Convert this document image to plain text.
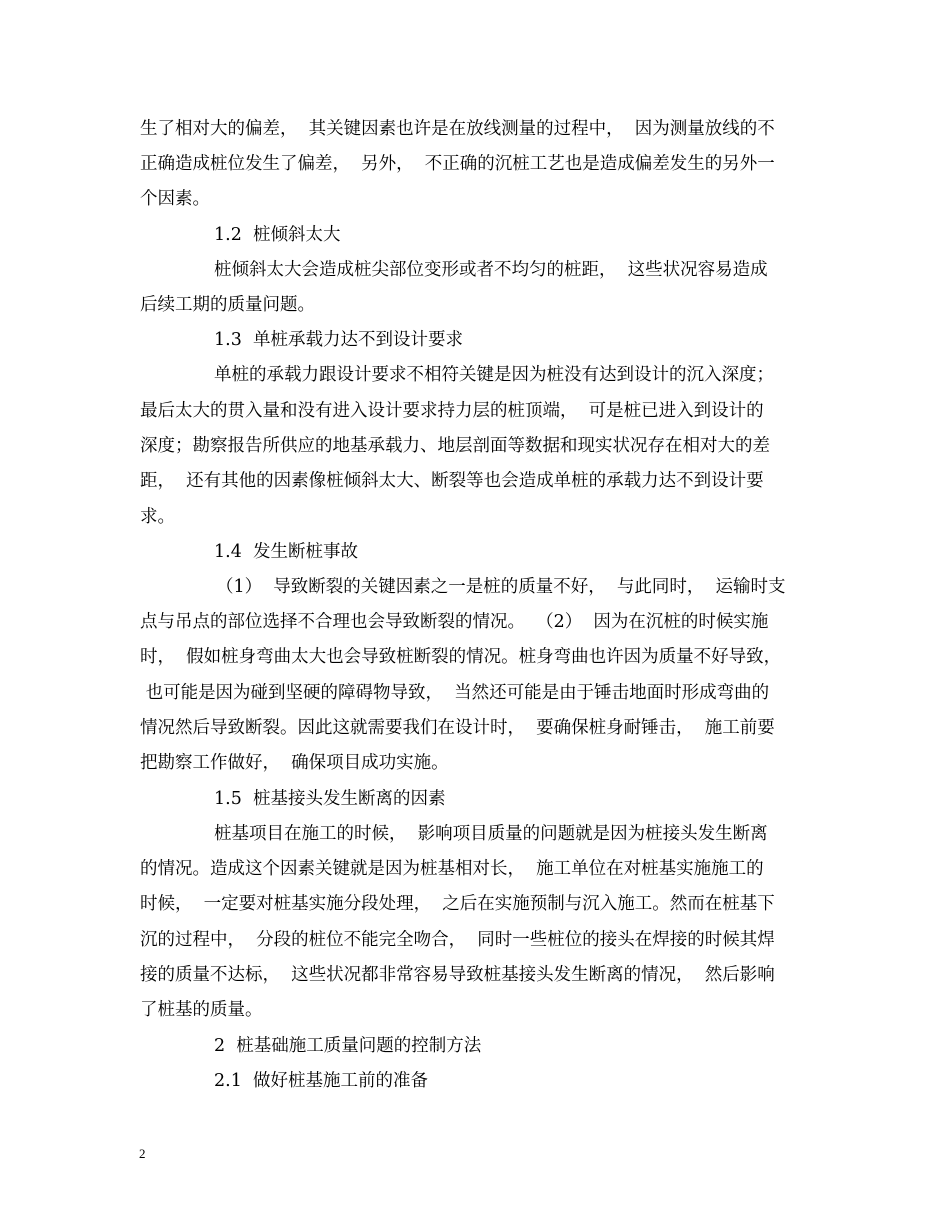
生了相对大的偏差，  其关键因素也许是在放线测量的过程中，  因为测量放线的不
正确造成桩位发生了偏差，  另外，  不正确的沉桩工艺也是造成偏差发生的另外一
个因素。
1.2  桩倾斜太大
桩倾斜太大会造成桩尖部位变形或者不均匀的桩距，  这些状况容易造成
后续工期的质量问题。
1.3  单桩承载力达不到设计要求
单桩的承载力跟设计要求不相符关键是因为桩没有达到设计的沉入深度；
最后太大的贯入量和没有进入设计要求持力层的桩顶端，  可是桩已进入到设计的
深度；勘察报告所供应的地基承载力、地层剖面等数据和现实状况存在相对大的差
距，  还有其他的因素像桩倾斜太大、断裂等也会造成单桩的承载力达不到设计要
求。
1.4  发生断桩事故
（1）  导致断裂的关键因素之一是桩的质量不好，  与此同时，  运输时支
点与吊点的部位选择不合理也会导致断裂的情况。  （2）  因为在沉桩的时候实施
时，  假如桩身弯曲太大也会导致桩断裂的情况。桩身弯曲也许因为质量不好导致，
也可能是因为碰到坚硬的障碍物导致，  当然还可能是由于锤击地面时形成弯曲的
情况然后导致断裂。因此这就需要我们在设计时，  要确保桩身耐锤击，  施工前要
把勘察工作做好，  确保项目成功实施。
1.5  桩基接头发生断离的因素
桩基项目在施工的时候，  影响项目质量的问题就是因为桩接头发生断离
的情况。造成这个因素关键就是因为桩基相对长，  施工单位在对桩基实施施工的
时候，  一定要对桩基实施分段处理，  之后在实施预制与沉入施工。然而在桩基下
沉的过程中，  分段的桩位不能完全吻合，  同时一些桩位的接头在焊接的时候其焊
接的质量不达标，  这些状况都非常容易导致桩基接头发生断离的情况，  然后影响
了桩基的质量。
2  桩基础施工质量问题的控制方法
2.1  做好桩基施工前的准备
2
